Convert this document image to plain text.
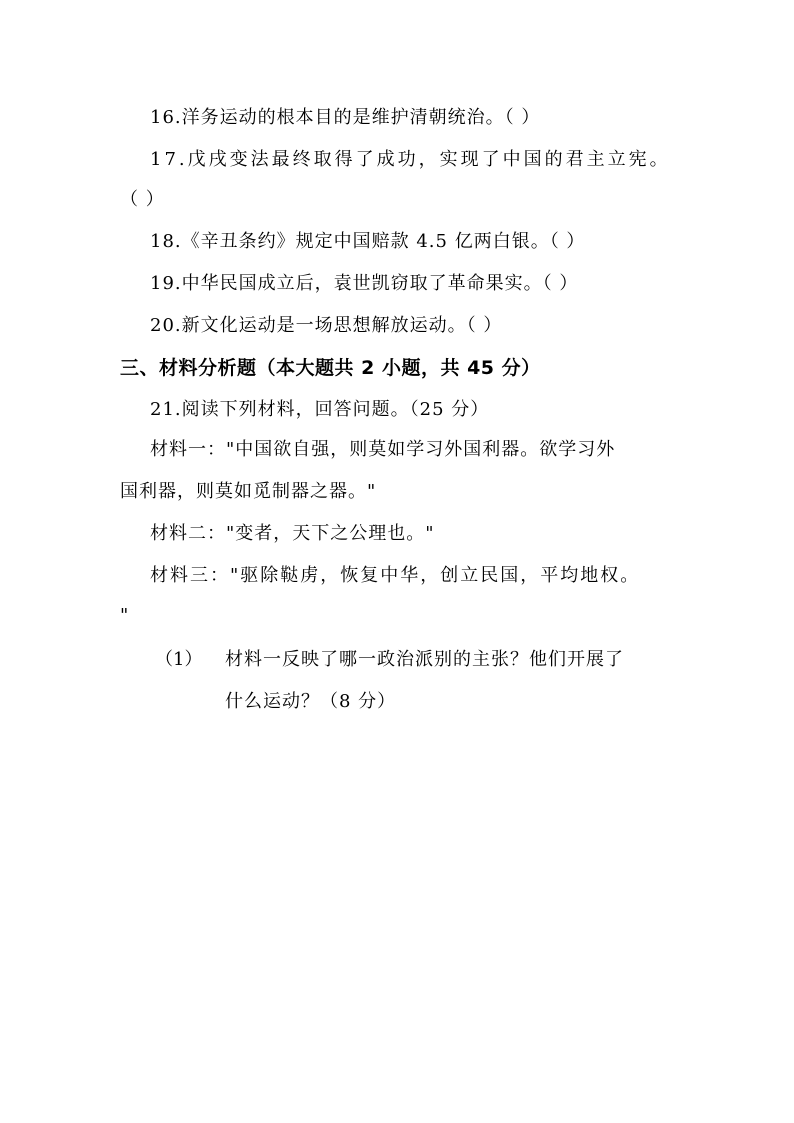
16.洋务运动的根本目的是维护清朝统治。（ ）
17.戊戌变法最终取得了成功，实现了中国的君主立宪。
（ ）
18.《辛丑条约》规定中国赔款 4.5 亿两白银。（ ）
19.中华民国成立后，袁世凯窃取了革命果实。（ ）
20.新文化运动是一场思想解放运动。（ ）
三、材料分析题（本大题共 2 小题，共 45 分）
21.阅读下列材料，回答问题。（25 分）
材料一："中国欲自强，则莫如学习外国利器。欲学习外
国利器，则莫如觅制器之器。"
材料二："变者，天下之公理也。"
材料三："驱除鞑虏，恢复中华，创立民国，平均地权。
"
（1） 材料一反映了哪一政治派别的主张？他们开展了
什么运动？（8 分）
